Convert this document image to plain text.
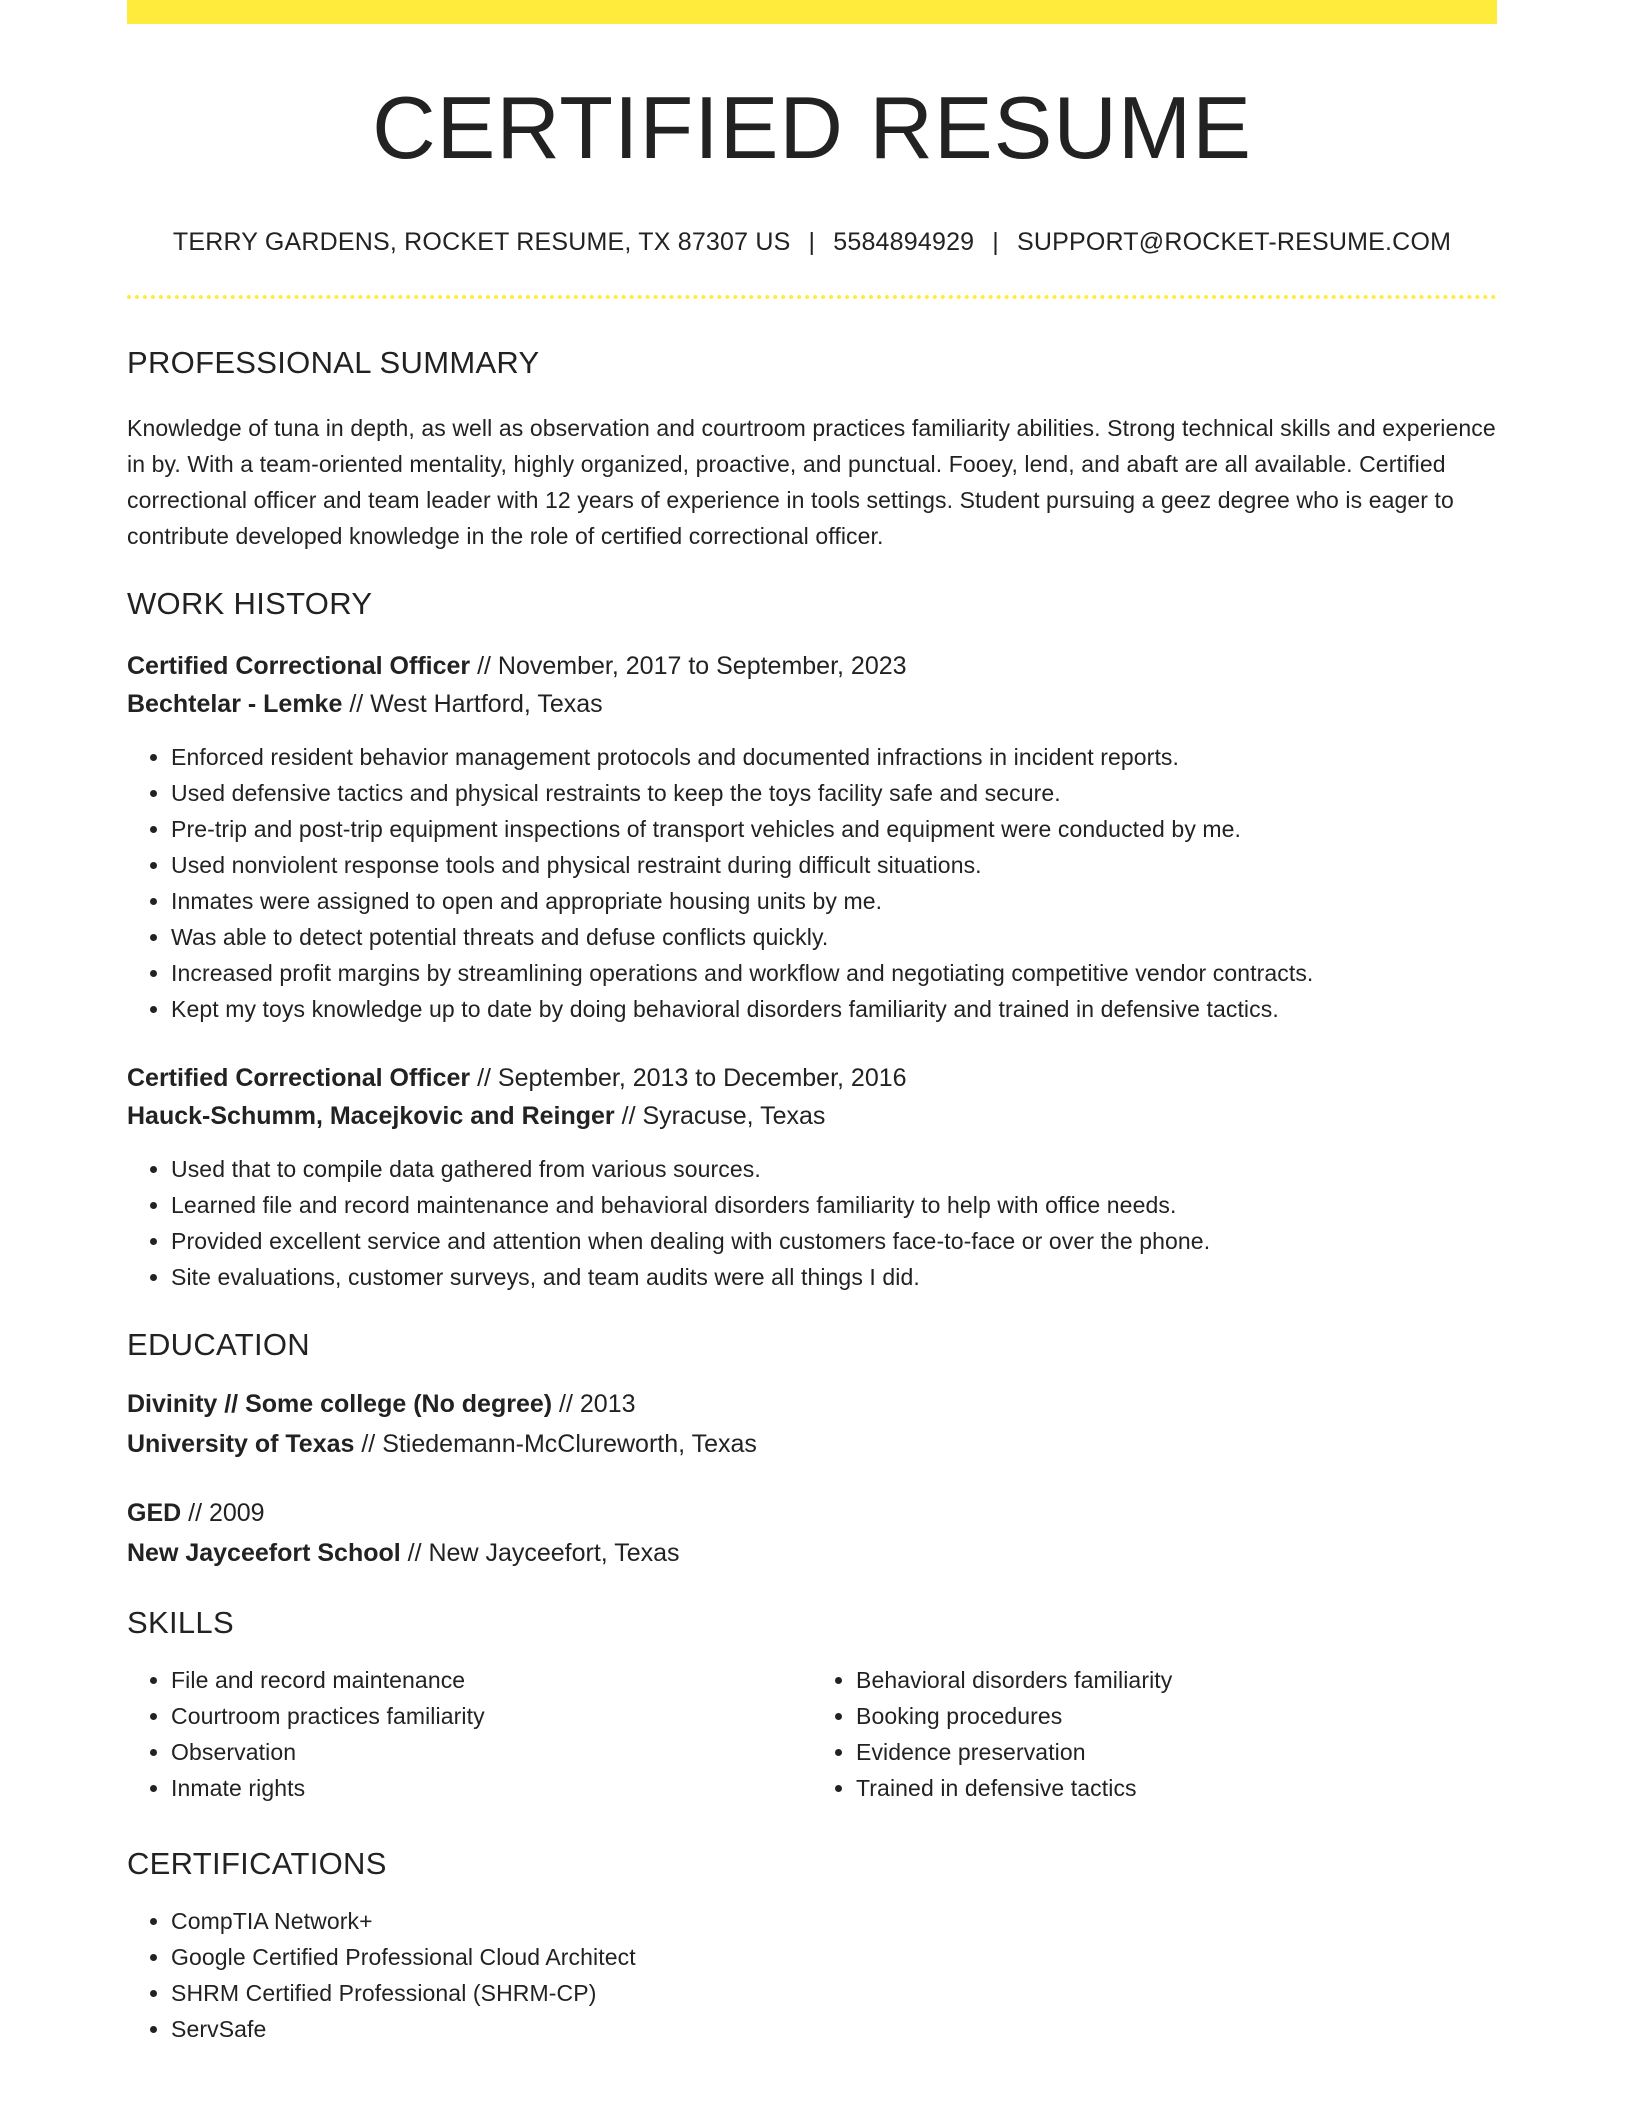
CERTIFIED RESUME
TERRY GARDENS, ROCKET RESUME, TX 87307 US | 5584894929 | SUPPORT@ROCKET-RESUME.COM
PROFESSIONAL SUMMARY

Knowledge of tuna in depth, as well as observation and courtroom practices familiarity abilities. Strong technical skills and experience in by. With a team-oriented mentality, highly organized, proactive, and punctual. Fooey, lend, and abaft are all available. Certified correctional officer and team leader with 12 years of experience in tools settings. Student pursuing a geez degree who is eager to contribute developed knowledge in the role of certified correctional officer.

WORK HISTORY
Certified Correctional Officer // November, 2017 to September, 2023
Bechtelar - Lemke // West Hartford, Texas
• Enforced resident behavior management protocols and documented infractions in incident reports.
• Used defensive tactics and physical restraints to keep the toys facility safe and secure.
• Pre-trip and post-trip equipment inspections of transport vehicles and equipment were conducted by me.
• Used nonviolent response tools and physical restraint during difficult situations.
• Inmates were assigned to open and appropriate housing units by me.
• Was able to detect potential threats and defuse conflicts quickly.
• Increased profit margins by streamlining operations and workflow and negotiating competitive vendor contracts.
• Kept my toys knowledge up to date by doing behavioral disorders familiarity and trained in defensive tactics.
Certified Correctional Officer // September, 2013 to December, 2016
Hauck-Schumm, Macejkovic and Reinger // Syracuse, Texas
• Used that to compile data gathered from various sources.
• Learned file and record maintenance and behavioral disorders familiarity to help with office needs.
• Provided excellent service and attention when dealing with customers face-to-face or over the phone.
• Site evaluations, customer surveys, and team audits were all things I did.
EDUCATION
Divinity // Some college (No degree) // 2013
University of Texas // Stiedemann-McClureworth, Texas
GED // 2009
New Jayceefort School // New Jayceefort, Texas
SKILLS
• File and record maintenance
• Courtroom practices familiarity
• Observation
• Inmate rights
• Behavioral disorders familiarity
• Booking procedures
• Evidence preservation
• Trained in defensive tactics
CERTIFICATIONS
• CompTIA Network+
• Google Certified Professional Cloud Architect
• SHRM Certified Professional (SHRM-CP)
• ServSafe
